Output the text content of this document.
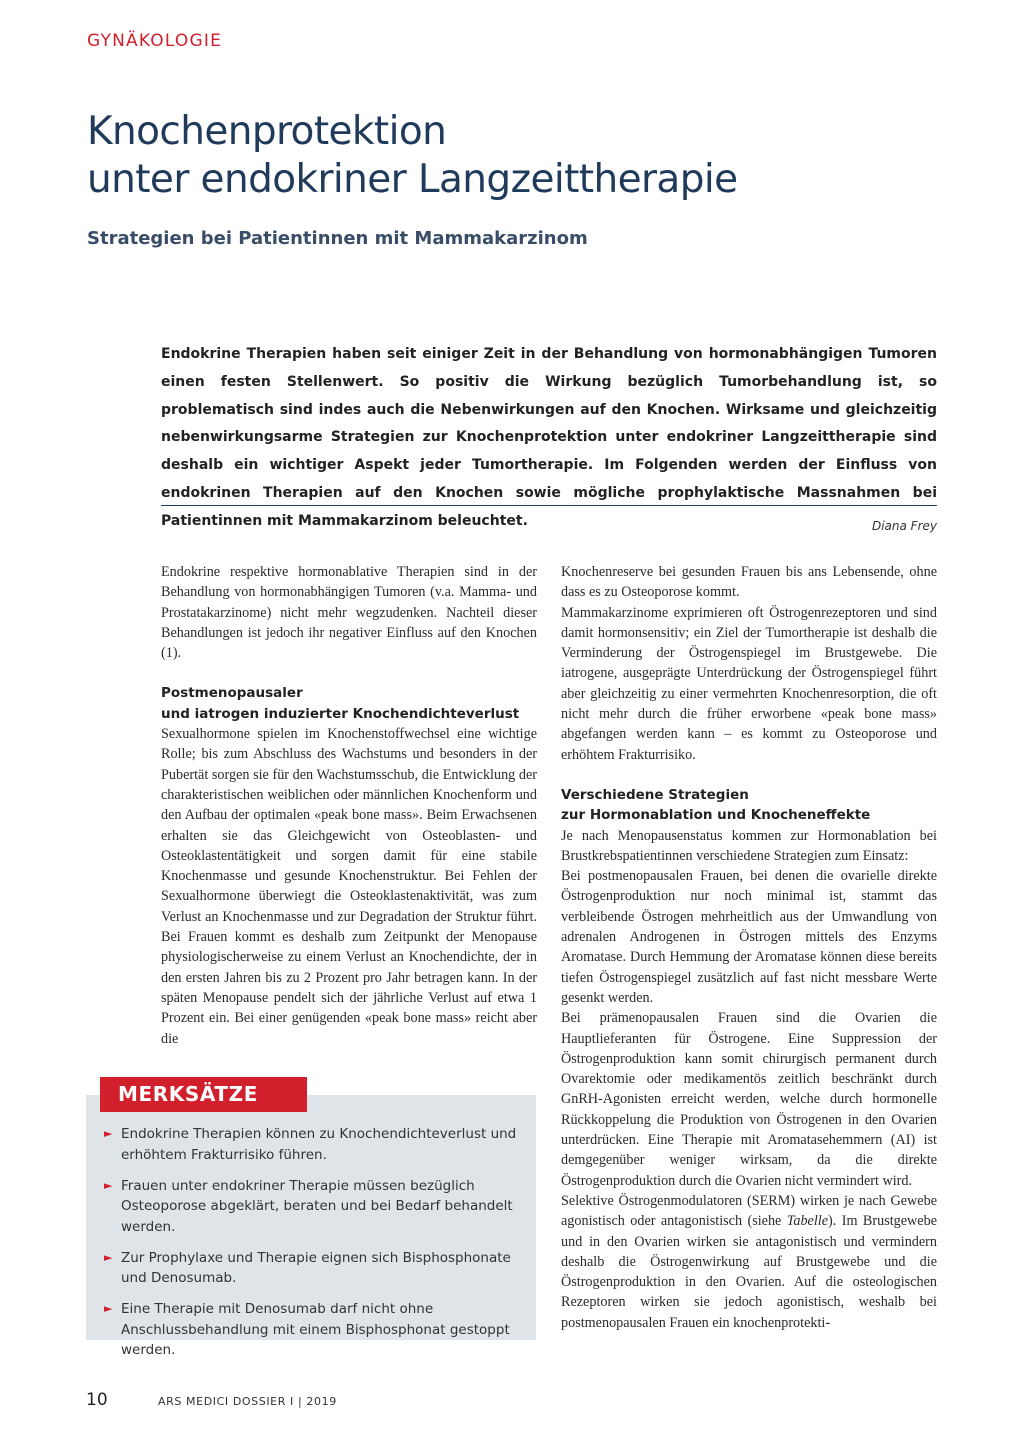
GYNÄKOLOGIE
Knochenprotektion
unter endokriner Langzeittherapie
Strategien bei Patientinnen mit Mammakarzinom

Endokrine Therapien haben seit einiger Zeit in der Behandlung von hormonabhängigen Tumoren einen festen Stellenwert. So positiv die Wirkung bezüglich Tumorbehandlung ist, so problematisch sind indes auch die Nebenwirkungen auf den Knochen. Wirksame und gleichzeitig nebenwirkungsarme Strategien zur Knochenprotektion unter endokriner Langzeittherapie sind deshalb ein wichtiger Aspekt jeder Tumortherapie. Im Folgenden werden der Einfluss von endokrinen Therapien auf den Knochen sowie mögliche prophylaktische Massnahmen bei Patientinnen mit Mammakarzinom beleuchtet.	Diana Frey

Endokrine respektive hormonablative Therapien sind in der Behandlung von hormonabhängigen Tumoren (v.a. Mamma- und Prostatakarzinome) nicht mehr wegzudenken. Nachteil dieser Behandlungen ist jedoch ihr negativer Einfluss auf den Knochen (1).

Postmenopausaler
und iatrogen induzierter Knochendichteverlust

Sexualhormone spielen im Knochenstoffwechsel eine wichtige Rolle; bis zum Abschluss des Wachstums und besonders in der Pubertät sorgen sie für den Wachstumsschub, die Entwicklung der charakteristischen weiblichen oder männlichen Knochenform und den Aufbau der optimalen «peak bone mass». Beim Erwachsenen erhalten sie das Gleichgewicht von Osteoblasten- und Osteoklastentätigkeit und sorgen damit für eine stabile Knochenmasse und gesunde Knochenstruktur. Bei Fehlen der Sexualhormone überwiegt die Osteoklastenaktivität, was zum Verlust an Knochenmasse und zur Degradation der Struktur führt. Bei Frauen kommt es deshalb zum Zeitpunkt der Menopause physiologischerweise zu einem Verlust an Knochendichte, der in den ersten Jahren bis zu 2 Prozent pro Jahr betragen kann. In der späten Menopause pendelt sich der jährliche Verlust auf etwa 1 Prozent ein. Bei einer genügenden «peak bone mass» reicht aber die

Knochenreserve bei gesunden Frauen bis ans Lebensende, ohne dass es zu Osteoporose kommt.

Mammakarzinome exprimieren oft Östrogenrezeptoren und sind damit hormonsensitiv; ein Ziel der Tumortherapie ist deshalb die Verminderung der Östrogenspiegel im Brustgewebe. Die iatrogene, ausgeprägte Unterdrückung der Östrogenspiegel führt aber gleichzeitig zu einer vermehrten Knochenresorption, die oft nicht mehr durch die früher erworbene «peak bone mass» abgefangen werden kann – es kommt zu Osteoporose und erhöhtem Frakturrisiko.

Verschiedene Strategien
zur Hormonablation und Knocheneffekte

Je nach Menopausenstatus kommen zur Hormonablation bei Brustkrebspatientinnen verschiedene Strategien zum Einsatz:

Bei postmenopausalen Frauen, bei denen die ovarielle direkte Östrogenproduktion nur noch minimal ist, stammt das verbleibende Östrogen mehrheitlich aus der Umwandlung von adrenalen Androgenen in Östrogen mittels des Enzyms Aromatase. Durch Hemmung der Aromatase können diese bereits tiefen Östrogenspiegel zusätzlich auf fast nicht messbare Werte gesenkt werden.

Bei prämenopausalen Frauen sind die Ovarien die Hauptlieferanten für Östrogene. Eine Suppression der Östrogenproduktion kann somit chirurgisch permanent durch Ovarektomie oder medikamentös zeitlich beschränkt durch GnRH-Agonisten erreicht werden, welche durch hormonelle Rückkoppelung die Produktion von Östrogenen in den Ovarien unterdrücken. Eine Therapie mit Aromatasehemmern (AI) ist demgegenüber weniger wirksam, da die direkte Östrogenproduktion durch die Ovarien nicht vermindert wird.

Selektive Östrogenmodulatoren (SERM) wirken je nach Gewebe agonistisch oder antagonistisch (siehe Tabelle). Im Brustgewebe und in den Ovarien wirken sie antagonistisch und vermindern deshalb die Östrogenwirkung auf Brustgewebe und die Östrogenproduktion in den Ovarien. Auf die osteologischen Rezeptoren wirken sie jedoch agonistisch, weshalb bei postmenopausalen Frauen ein knochenprotekti-

MERKSÄTZE
► Endokrine Therapien können zu Knochendichteverlust und erhöhtem Frakturrisiko führen.
► Frauen unter endokriner Therapie müssen bezüglich Osteoporose abgeklärt, beraten und bei Bedarf behandelt werden.
► Zur Prophylaxe und Therapie eignen sich Bisphosphonate und Denosumab.
► Eine Therapie mit Denosumab darf nicht ohne Anschlussbehandlung mit einem Bisphosphonat gestoppt werden.
10	ARS MEDICI DOSSIER I | 2019
